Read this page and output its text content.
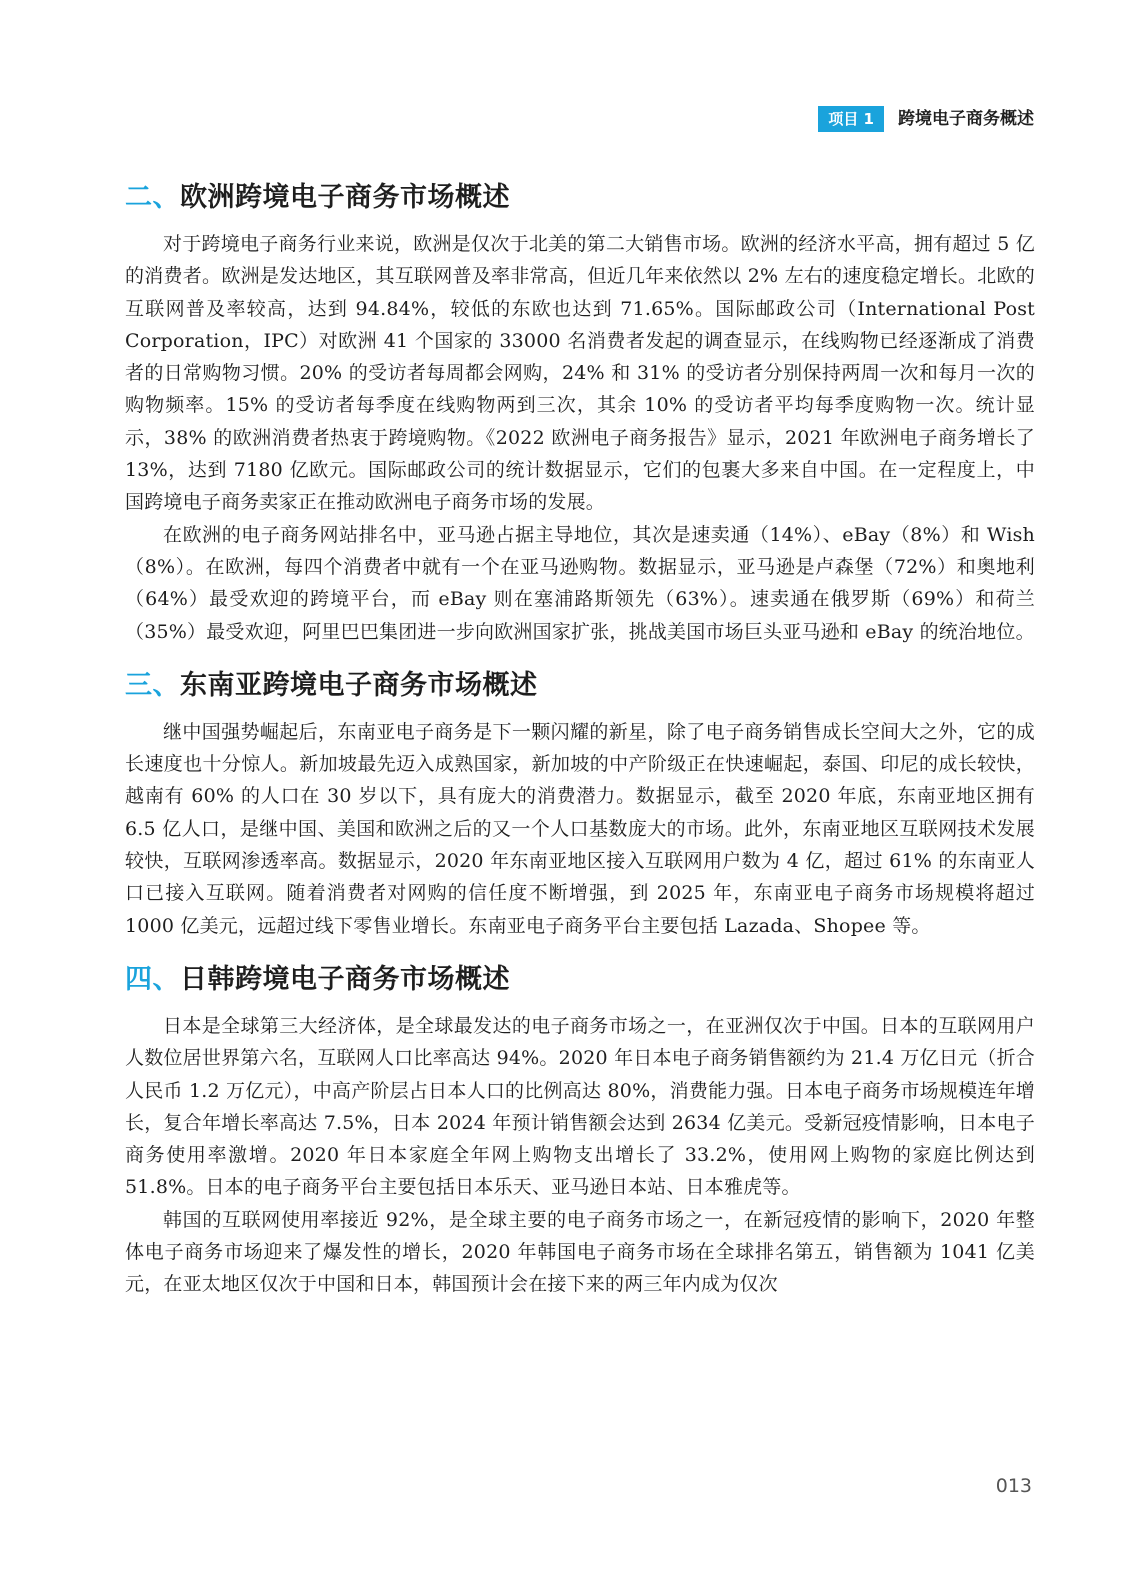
项目 1	跨境电子商务概述
二、欧洲跨境电子商务市场概述

对于跨境电子商务行业来说，欧洲是仅次于北美的第二大销售市场。欧洲的经济水平高，拥有超过 5 亿的消费者。欧洲是发达地区，其互联网普及率非常高，但近几年来依然以 2% 左右的速度稳定增长。北欧的互联网普及率较高，达到 94.84%，较低的东欧也达到 71.65%。国际邮政公司（International Post Corporation，IPC）对欧洲 41 个国家的 33000 名消费者发起的调查显示，在线购物已经逐渐成了消费者的日常购物习惯。20% 的受访者每周都会网购，24% 和 31% 的受访者分别保持两周一次和每月一次的购物频率。15% 的受访者每季度在线购物两到三次，其余 10% 的受访者平均每季度购物一次。统计显示，38% 的欧洲消费者热衷于跨境购物。《2022 欧洲电子商务报告》显示，2021 年欧洲电子商务增长了 13%，达到 7180 亿欧元。国际邮政公司的统计数据显示，它们的包裹大多来自中国。在一定程度上，中国跨境电子商务卖家正在推动欧洲电子商务市场的发展。

在欧洲的电子商务网站排名中，亚马逊占据主导地位，其次是速卖通（14%）、eBay（8%）和 Wish（8%）。在欧洲，每四个消费者中就有一个在亚马逊购物。数据显示，亚马逊是卢森堡（72%）和奥地利（64%）最受欢迎的跨境平台，而 eBay 则在塞浦路斯领先（63%）。速卖通在俄罗斯（69%）和荷兰（35%）最受欢迎，阿里巴巴集团进一步向欧洲国家扩张，挑战美国市场巨头亚马逊和 eBay 的统治地位。

三、东南亚跨境电子商务市场概述

继中国强势崛起后，东南亚电子商务是下一颗闪耀的新星，除了电子商务销售成长空间大之外，它的成长速度也十分惊人。新加坡最先迈入成熟国家，新加坡的中产阶级正在快速崛起，泰国、印尼的成长较快，越南有 60% 的人口在 30 岁以下，具有庞大的消费潜力。数据显示，截至 2020 年底，东南亚地区拥有 6.5 亿人口，是继中国、美国和欧洲之后的又一个人口基数庞大的市场。此外，东南亚地区互联网技术发展较快，互联网渗透率高。数据显示，2020 年东南亚地区接入互联网用户数为 4 亿，超过 61% 的东南亚人口已接入互联网。随着消费者对网购的信任度不断增强，到 2025 年，东南亚电子商务市场规模将超过 1000 亿美元，远超过线下零售业增长。东南亚电子商务平台主要包括 Lazada、Shopee 等。

四、日韩跨境电子商务市场概述

日本是全球第三大经济体，是全球最发达的电子商务市场之一，在亚洲仅次于中国。日本的互联网用户人数位居世界第六名，互联网人口比率高达 94%。2020 年日本电子商务销售额约为 21.4 万亿日元（折合人民币 1.2 万亿元），中高产阶层占日本人口的比例高达 80%，消费能力强。日本电子商务市场规模连年增长，复合年增长率高达 7.5%，日本 2024 年预计销售额会达到 2634 亿美元。受新冠疫情影响，日本电子商务使用率激增。2020 年日本家庭全年网上购物支出增长了 33.2%，使用网上购物的家庭比例达到 51.8%。日本的电子商务平台主要包括日本乐天、亚马逊日本站、日本雅虎等。

韩国的互联网使用率接近 92%，是全球主要的电子商务市场之一，在新冠疫情的影响下，2020 年整体电子商务市场迎来了爆发性的增长，2020 年韩国电子商务市场在全球排名第五，销售额为 1041 亿美元，在亚太地区仅次于中国和日本，韩国预计会在接下来的两三年内成为仅次

013
